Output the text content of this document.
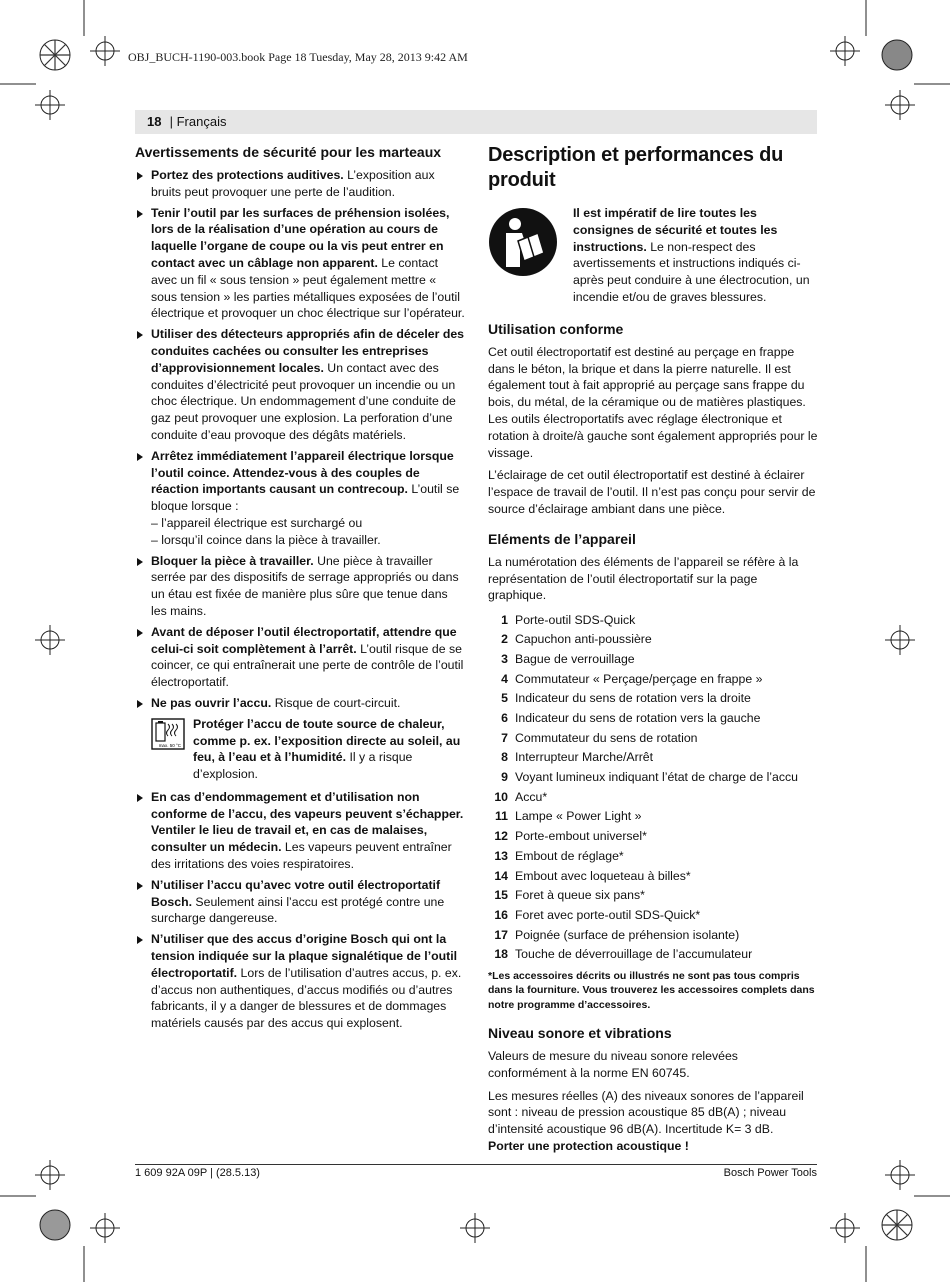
OBJ_BUCH-1190-003.book Page 18 Tuesday, May 28, 2013 9:42 AM
18 | Français
Avertissements de sécurité pour les marteaux
Portez des protections auditives. L’exposition aux bruits peut provoquer une perte de l’audition.
Tenir l’outil par les surfaces de préhension isolées, lors de la réalisation d’une opération au cours de laquelle l’organe de coupe ou la vis peut entrer en contact avec un câblage non apparent. Le contact avec un fil « sous tension » peut également mettre « sous tension » les parties métalliques exposées de l’outil électrique et provoquer un choc électrique sur l’opérateur.
Utiliser des détecteurs appropriés afin de déceler des conduites cachées ou consulter les entreprises d’approvisionnement locales. Un contact avec des conduites d’électricité peut provoquer un incendie ou un choc électrique. Un endommagement d’une conduite de gaz peut provoquer une explosion. La perforation d’une conduite d’eau provoque des dégâts matériels.
Arrêtez immédiatement l’appareil électrique lorsque l’outil coince. Attendez-vous à des couples de réaction importants causant un contrecoup. L’outil se bloque lorsque :
– l’appareil électrique est surchargé ou
– lorsqu’il coince dans la pièce à travailler.
Bloquer la pièce à travailler. Une pièce à travailler serrée par des dispositifs de serrage appropriés ou dans un étau est fixée de manière plus sûre que tenue dans les mains.
Avant de déposer l’outil électroportatif, attendre que celui-ci soit complètement à l’arrêt. L’outil risque de se coincer, ce qui entraînerait une perte de contrôle de l’outil électroportatif.
Ne pas ouvrir l’accu. Risque de court-circuit.
max. 50 °C
Protéger l’accu de toute source de chaleur, comme p. ex. l’exposition directe au soleil, au feu, à l’eau et à l’humidité. Il y a risque d’explosion.
En cas d’endommagement et d’utilisation non conforme de l’accu, des vapeurs peuvent s’échapper. Ventiler le lieu de travail et, en cas de malaises, consulter un médecin. Les vapeurs peuvent entraîner des irritations des voies respiratoires.
N’utiliser l’accu qu’avec votre outil électroportatif Bosch. Seulement ainsi l’accu est protégé contre une surcharge dangereuse.
N’utiliser que des accus d’origine Bosch qui ont la tension indiquée sur la plaque signalétique de l’outil électroportatif. Lors de l’utilisation d’autres accus, p. ex. d’accus non authentiques, d’accus modifiés ou d’autres fabricants, il y a danger de blessures et de dommages matériels causés par des accus qui explosent.
Description et performances du produit
Il est impératif de lire toutes les consignes de sécurité et toutes les instructions. Le non-respect des avertissements et instructions indiqués ci-après peut conduire à une électrocution, un incendie et/ou de graves blessures.
Utilisation conforme

Cet outil électroportatif est destiné au perçage en frappe dans le béton, la brique et dans la pierre naturelle. Il est également tout à fait approprié au perçage sans frappe du bois, du métal, de la céramique ou de matières plastiques. Les outils électroportatifs avec réglage électronique et rotation à droite/à gauche sont également appropriés pour le vissage.

L’éclairage de cet outil électroportatif est destiné à éclairer l’espace de travail de l’outil. Il n’est pas conçu pour servir de source d’éclairage ambiant dans une pièce.

Eléments de l’appareil

La numérotation des éléments de l’appareil se réfère à la représentation de l’outil électroportatif sur la page graphique.

1 Porte-outil SDS-Quick
2 Capuchon anti-poussière
3 Bague de verrouillage
4 Commutateur « Perçage/perçage en frappe »
5 Indicateur du sens de rotation vers la droite
6 Indicateur du sens de rotation vers la gauche
7 Commutateur du sens de rotation
8 Interrupteur Marche/Arrêt
9 Voyant lumineux indiquant l’état de charge de l’accu
10 Accu*
11 Lampe « Power Light »
12 Porte-embout universel*
13 Embout de réglage*
14 Embout avec loqueteau à billes*
15 Foret à queue six pans*
16 Foret avec porte-outil SDS-Quick*
17 Poignée (surface de préhension isolante)
18 Touche de déverrouillage de l’accumulateur
*Les accessoires décrits ou illustrés ne sont pas tous compris dans la fourniture. Vous trouverez les accessoires complets dans notre programme d’accessoires.
Niveau sonore et vibrations

Valeurs de mesure du niveau sonore relevées conformément à la norme EN 60745.

Les mesures réelles (A) des niveaux sonores de l’appareil sont : niveau de pression acoustique 85 dB(A) ; niveau d’intensité acoustique 96 dB(A). Incertitude K= 3 dB.

Porter une protection acoustique !
1 609 92A 09P | (28.5.13)	Bosch Power Tools
